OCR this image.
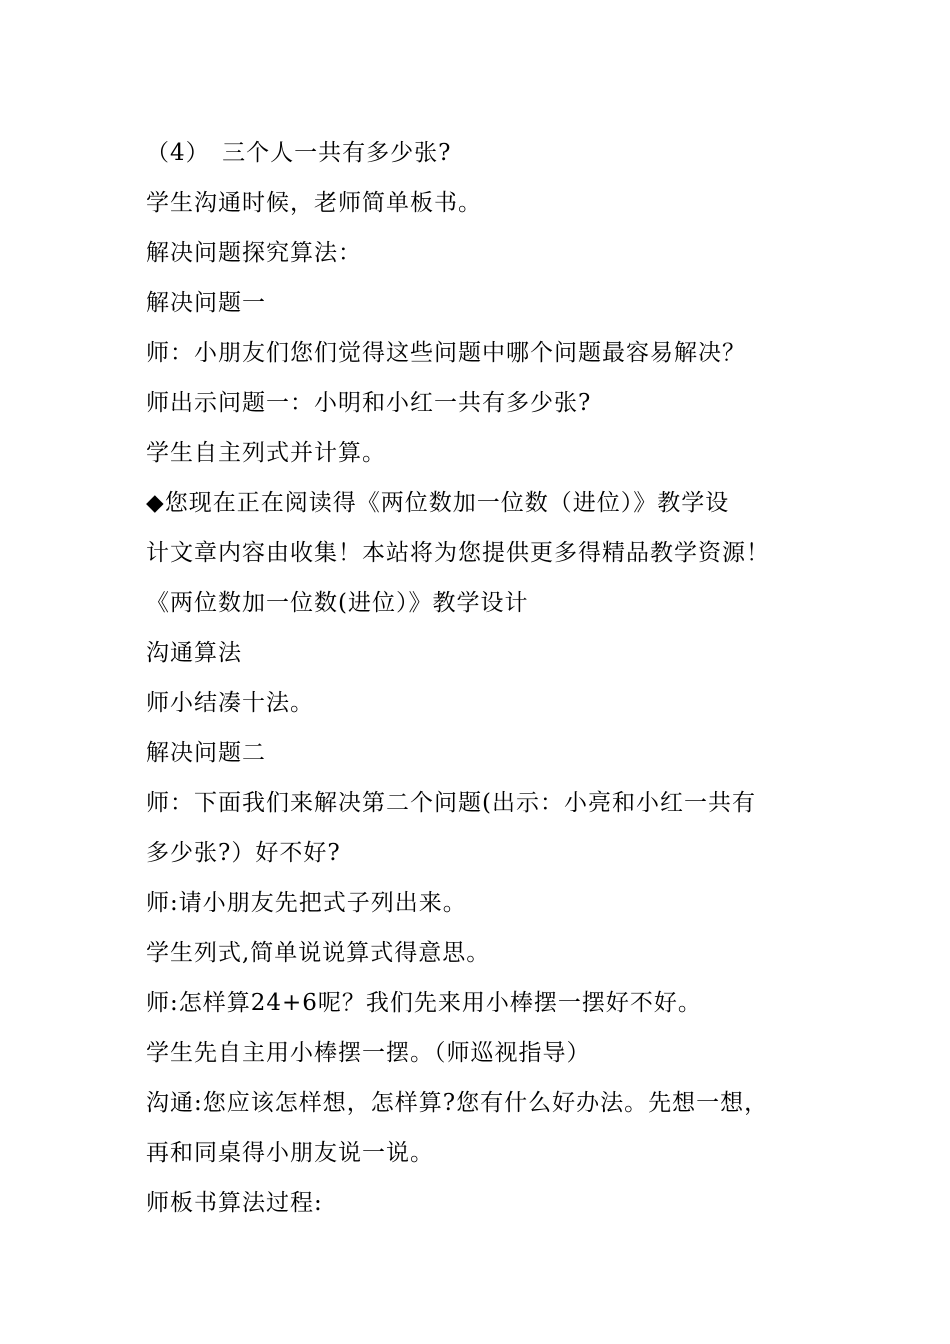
（4）　三个人一共有多少张?
学生沟通时候，老师简单板书。
解决问题探究算法：
解决问题一
师：小朋友们您们觉得这些问题中哪个问题最容易解决？
师出示问题一：小明和小红一共有多少张?
学生自主列式并计算。
◆您现在正在阅读得《两位数加一位数（进位）》教学设
计文章内容由收集！本站将为您提供更多得精品教学资源！
《两位数加一位数(进位）》教学设计
沟通算法
师小结凑十法。
解决问题二
师：下面我们来解决第二个问题(出示：小亮和小红一共有
多少张?）好不好?
师:请小朋友先把式子列出来。
学生列式,简单说说算式得意思。
师:怎样算24+6呢？我们先来用小棒摆一摆好不好。
学生先自主用小棒摆一摆。（师巡视指导）
沟通:您应该怎样想，怎样算?您有什么好办法。先想一想，
再和同桌得小朋友说一说。
师板书算法过程:
